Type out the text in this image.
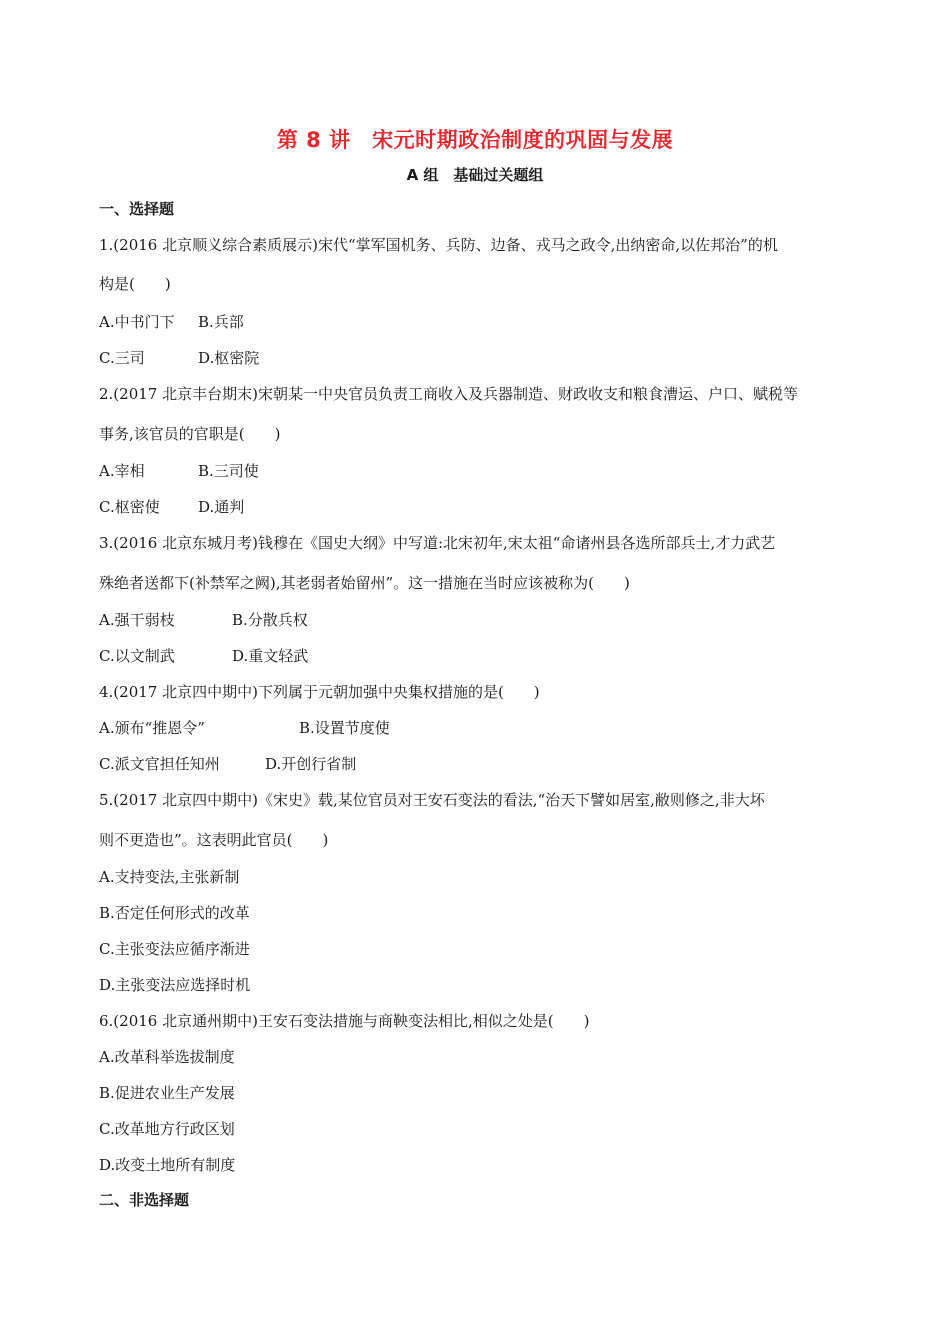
第 8 讲　宋元时期政治制度的巩固与发展
A 组　基础过关题组
一、选择题
1.(2016 北京顺义综合素质展示)宋代“掌军国机务、兵防、边备、戎马之政令,出纳密命,以佐邦治”的机
构是(　　)
A.中书门下 B.兵部
C.三司	D.枢密院
2.(2017 北京丰台期末)宋朝某一中央官员负责工商收入及兵器制造、财政收支和粮食漕运、户口、赋税等
事务,该官员的官职是(　　)
A.宰相	B.三司使
C.枢密使	D.通判
3.(2016 北京东城月考)钱穆在《国史大纲》中写道:北宋初年,宋太祖“命诸州县各选所部兵士,才力武艺
殊绝者送都下(补禁军之阙),其老弱者始留州”。这一措施在当时应该被称为(　　)
A.强干弱枝	B.分散兵权
C.以文制武	D.重文轻武
4.(2017 北京四中期中)下列属于元朝加强中央集权措施的是(　　)
A.颁布“推恩令”	B.设置节度使
C.派文官担任知州	D.开创行省制
5.(2017 北京四中期中)《宋史》载,某位官员对王安石变法的看法,“治天下譬如居室,敝则修之,非大坏
则不更造也”。这表明此官员(　　)
A.支持变法,主张新制
B.否定任何形式的改革
C.主张变法应循序渐进
D.主张变法应选择时机
6.(2016 北京通州期中)王安石变法措施与商鞅变法相比,相似之处是(　　)
A.改革科举选拔制度
B.促进农业生产发展
C.改革地方行政区划
D.改变土地所有制度
二、非选择题
